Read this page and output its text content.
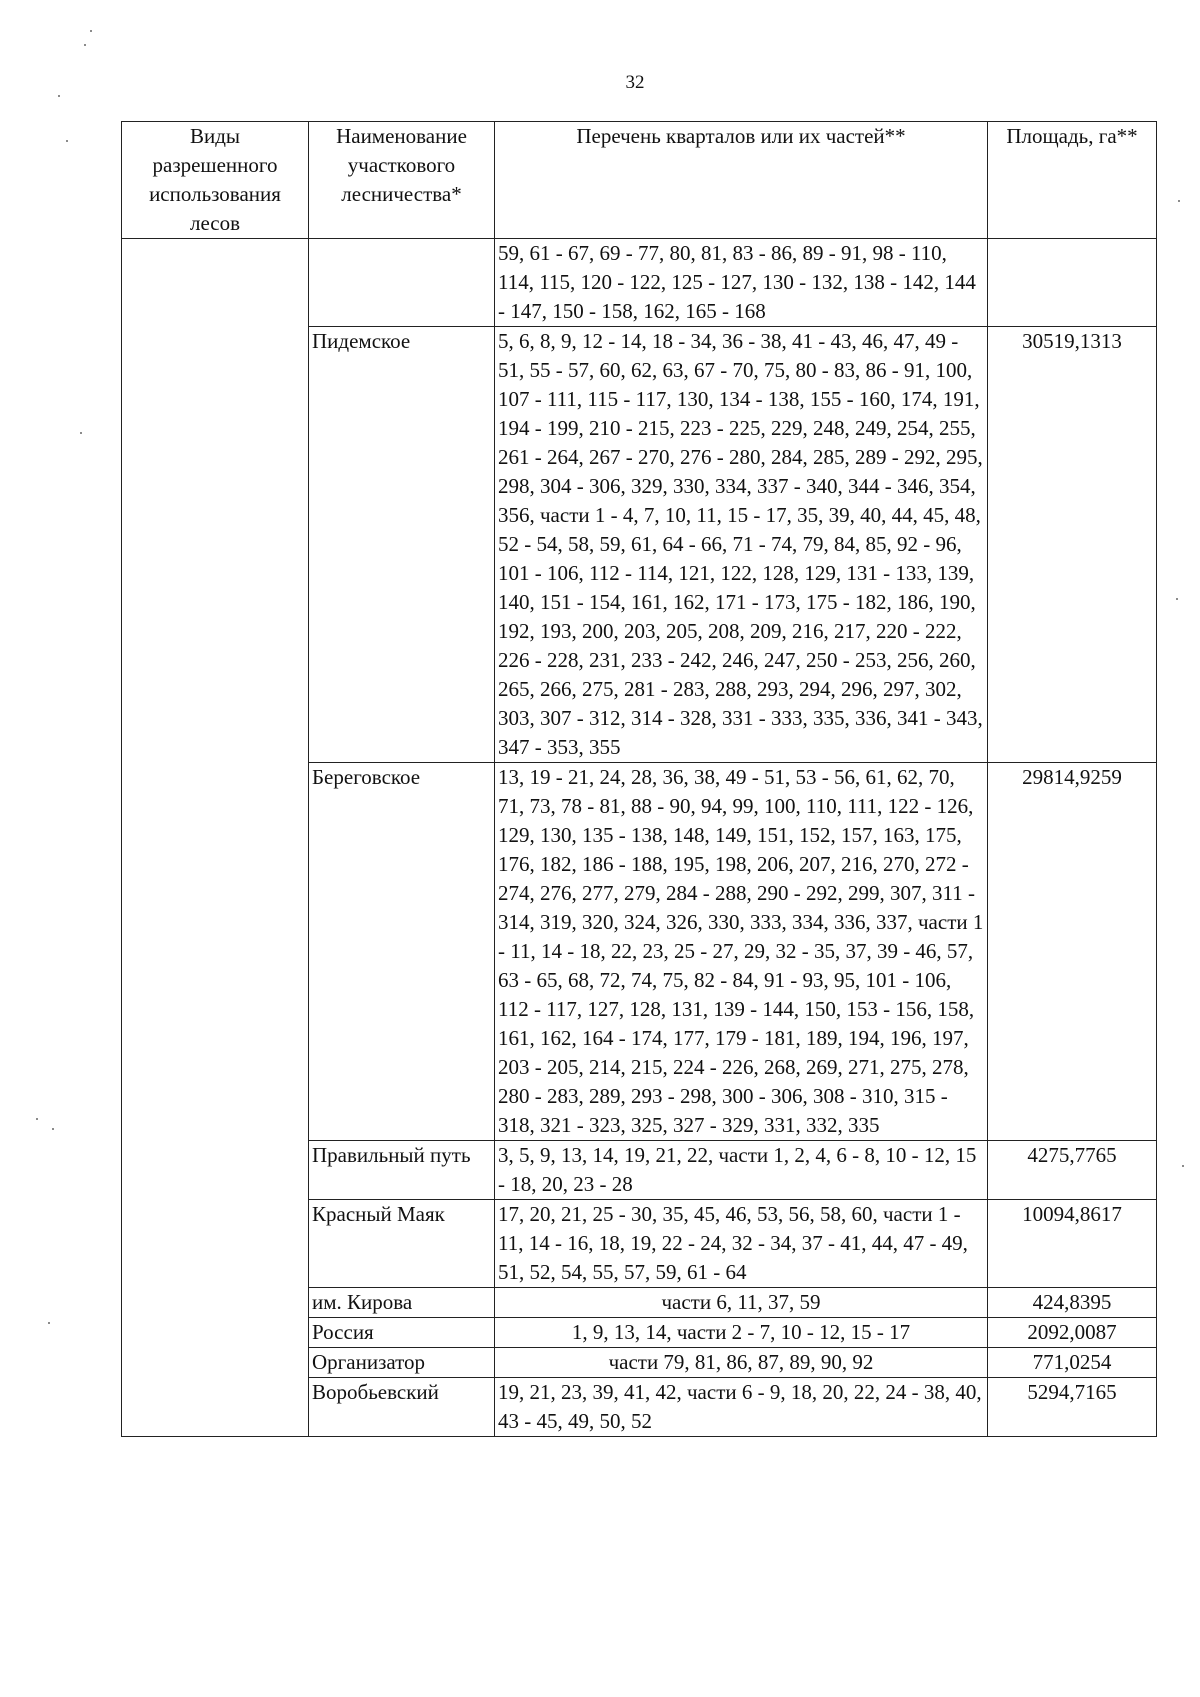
32
Виды разрешенного использования лесов	Наименование участкового лесничества*	Перечень кварталов или их частей**	Площадь, га**
		59, 61 - 67, 69 - 77, 80, 81, 83 - 86, 89 - 91, 98 - 110, 114, 115, 120 - 122, 125 - 127, 130 - 132, 138 - 142, 144 - 147, 150 - 158, 162, 165 - 168	
	Пидемское	5, 6, 8, 9, 12 - 14, 18 - 34, 36 - 38, 41 - 43, 46, 47, 49 - 51, 55 - 57, 60, 62, 63, 67 - 70, 75, 80 - 83, 86 - 91, 100, 107 - 111, 115 - 117, 130, 134 - 138, 155 - 160, 174, 191, 194 - 199, 210 - 215, 223 - 225, 229, 248, 249, 254, 255, 261 - 264, 267 - 270, 276 - 280, 284, 285, 289 - 292, 295, 298, 304 - 306, 329, 330, 334, 337 - 340, 344 - 346, 354, 356, части 1 - 4, 7, 10, 11, 15 - 17, 35, 39, 40, 44, 45, 48, 52 - 54, 58, 59, 61, 64 - 66, 71 - 74, 79, 84, 85, 92 - 96, 101 - 106, 112 - 114, 121, 122, 128, 129, 131 - 133, 139, 140, 151 - 154, 161, 162, 171 - 173, 175 - 182, 186, 190, 192, 193, 200, 203, 205, 208, 209, 216, 217, 220 - 222, 226 - 228, 231, 233 - 242, 246, 247, 250 - 253, 256, 260, 265, 266, 275, 281 - 283, 288, 293, 294, 296, 297, 302, 303, 307 - 312, 314 - 328, 331 - 333, 335, 336, 341 - 343, 347 - 353, 355	30519,1313
	Береговское	13, 19 - 21, 24, 28, 36, 38, 49 - 51, 53 - 56, 61, 62, 70, 71, 73, 78 - 81, 88 - 90, 94, 99, 100, 110, 111, 122 - 126, 129, 130, 135 - 138, 148, 149, 151, 152, 157, 163, 175, 176, 182, 186 - 188, 195, 198, 206, 207, 216, 270, 272 - 274, 276, 277, 279, 284 - 288, 290 - 292, 299, 307, 311 - 314, 319, 320, 324, 326, 330, 333, 334, 336, 337, части 1 - 11, 14 - 18, 22, 23, 25 - 27, 29, 32 - 35, 37, 39 - 46, 57, 63 - 65, 68, 72, 74, 75, 82 - 84, 91 - 93, 95, 101 - 106, 112 - 117, 127, 128, 131, 139 - 144, 150, 153 - 156, 158, 161, 162, 164 - 174, 177, 179 - 181, 189, 194, 196, 197, 203 - 205, 214, 215, 224 - 226, 268, 269, 271, 275, 278, 280 - 283, 289, 293 - 298, 300 - 306, 308 - 310, 315 - 318, 321 - 323, 325, 327 - 329, 331, 332, 335	29814,9259
	Правильный путь	3, 5, 9, 13, 14, 19, 21, 22, части 1, 2, 4, 6 - 8, 10 - 12, 15 - 18, 20, 23 - 28	4275,7765
	Красный Маяк	17, 20, 21, 25 - 30, 35, 45, 46, 53, 56, 58, 60, части 1 - 11, 14 - 16, 18, 19, 22 - 24, 32 - 34, 37 - 41, 44, 47 - 49, 51, 52, 54, 55, 57, 59, 61 - 64	10094,8617
	им. Кирова	части 6, 11, 37, 59	424,8395
	Россия	1, 9, 13, 14, части 2 - 7, 10 - 12, 15 - 17	2092,0087
	Организатор	части 79, 81, 86, 87, 89, 90, 92	771,0254
	Воробьевский	19, 21, 23, 39, 41, 42, части 6 - 9, 18, 20, 22, 24 - 38, 40, 43 - 45, 49, 50, 52	5294,7165
